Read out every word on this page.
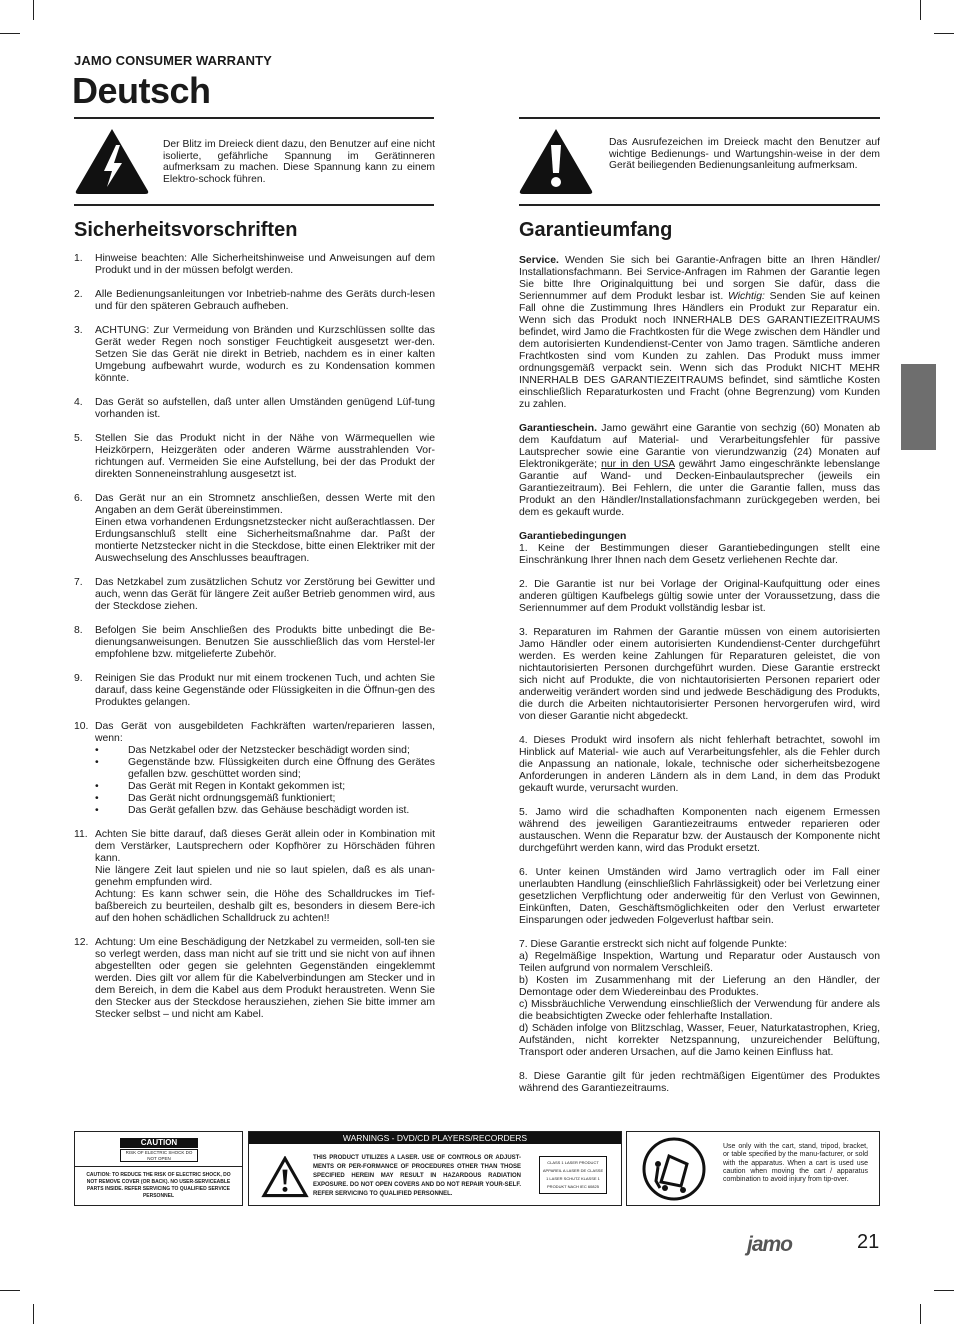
JAMO CONSUMER WARRANTY
Deutsch
Der Blitz im Dreieck dient dazu, den Benutzer auf eine nicht isolierte, gefährliche Spannung im Gerätinneren aufmerksam zu machen. Diese Spannung kann zu einem Elektro-schock führen.
Das Ausrufezeichen im Dreieck macht den Benutzer auf wichtige Bedienungs- und Wartungshin-weise in der dem Gerät beiliegenden Bedienungsanleitung aufmerksam.
Sicherheitsvorschriften	Garantieumfang
1. Hinweise beachten: Alle Sicherheitshinweise und Anweisungen auf dem Produkt und in der müssen befolgt werden.
2. Alle Bedienungsanleitungen vor Inbetrieb-nahme des Geräts durch-lesen und für den späteren Gebrauch aufheben.
3. ACHTUNG: Zur Vermeidung von Bränden und Kurzschlüssen sollte das Gerät weder Regen noch sonstiger Feuchtigkeit ausgesetzt wer-den. Setzen Sie das Gerät nie direkt in Betrieb, nachdem es in einer kalten Umgebung aufbewahrt wurde, wodurch es zu Kondensation kommen könnte.
4. Das Gerät so aufstellen, daß unter allen Umständen genügend Lüf-tung vorhanden ist.
5. Stellen Sie das Produkt nicht in der Nähe von Wärmequellen wie Heizkörpern, Heizgeräten oder anderen Wärme ausstrahlenden Vor-richtungen auf. Vermeiden Sie eine Aufstellung, bei der das Produkt der direkten Sonneneinstrahlung ausgesetzt ist.
6. Das Gerät nur an ein Stromnetz anschließen, dessen Werte mit den Angaben an dem Gerät übereinstimmen.
Einen etwa vorhandenen Erdungsnetzstecker nicht außerachtlassen. Der Erdungsanschluß stellt eine Sicherheitsmaßnahme dar. Paßt der montierte Netzstecker nicht in die Steckdose, bitte einen Elektriker mit der Auswechselung des Anschlusses beauftragen.
7. Das Netzkabel zum zusätzlichen Schutz vor Zerstörung bei Gewitter und auch, wenn das Gerät für längere Zeit außer Betrieb genommen wird, aus der Steckdose ziehen.
8. Befolgen Sie beim Anschließen des Produkts bitte unbedingt die Be-dienungsanweisungen. Benutzen Sie ausschließlich das vom Herstel-ler empfohlene bzw. mitgelieferte Zubehör.
9. Reinigen Sie das Produkt nur mit einem trockenen Tuch, und achten Sie darauf, dass keine Gegenstände oder Flüssigkeiten in die Öffnun-gen des Produktes gelangen.
10. Das Gerät von ausgebildeten Fachkräften warten/reparieren lassen, wenn:
• Das Netzkabel oder der Netzstecker beschädigt worden sind;
• Gegenstände bzw. Flüssigkeiten durch eine Öffnung des Gerätes gefallen bzw. geschüttet worden sind;
• Das Gerät mit Regen in Kontakt gekommen ist;
• Das Gerät nicht ordnungsgemäß funktioniert;
• Das Gerät gefallen bzw. das Gehäuse beschädigt worden ist.
11. Achten Sie bitte darauf, daß dieses Gerät allein oder in Kombination mit dem Verstärker, Lautsprechern oder Kopfhörer zu Hörschäden führen kann.
Nie längere Zeit laut spielen und nie so laut spielen, daß es als unan-genehm empfunden wird.
Achtung: Es kann schwer sein, die Höhe des Schalldruckes im Tief-baßbereich zu beurteilen, deshalb gilt es, besonders in diesem Bere-ich auf den hohen schädlichen Schalldruck zu achten!!
12. Achtung: Um eine Beschädigung der Netzkabel zu vermeiden, soll-ten sie so verlegt werden, dass man nicht auf sie tritt und sie nicht von auf ihnen abgestellten oder gegen sie gelehnten Gegenständen eingeklemmt werden. Dies gilt vor allem für die Kabelverbindungen am Stecker und in dem Bereich, in dem die Kabel aus dem Produkt heraustreten. Wenn Sie den Stecker aus der Steckdose herausziehen, ziehen Sie bitte immer am Stecker selbst – und nicht am Kabel.

Service. Wenden Sie sich bei Garantie-Anfragen bitte an Ihren Händler/ Installationsfachmann. Bei Service-Anfragen im Rahmen der Garantie legen Sie bitte Ihre Originalquittung bei und sorgen Sie dafür, dass die Seriennummer auf dem Produkt lesbar ist. Wichtig: Senden Sie auf keinen Fall ohne die Zustimmung Ihres Händlers ein Produkt zur Reparatur ein. Wenn sich das Produkt noch INNERHALB DES GARANTIEZEITRAUMS befindet, wird Jamo die Frachtkosten für die Wege zwischen dem Händler und dem autorisierten Kundendienst-Center von Jamo tragen. Sämtliche anderen Frachtkosten sind vom Kunden zu zahlen. Das Produkt muss immer ordnungsgemäß verpackt sein. Wenn sich das Produkt NICHT MEHR INNERHALB DES GARANTIEZEITRAUMS befindet, sind sämtliche Kosten einschließlich Reparaturkosten und Fracht (ohne Begrenzung) vom Kunden zu zahlen.

Garantieschein. Jamo gewährt eine Garantie von sechzig (60) Monaten ab dem Kaufdatum auf Material- und Verarbeitungsfehler für passive Lautsprecher sowie eine Garantie von vierundzwanzig (24) Monaten auf Elektronikgeräte; nur in den USA gewährt Jamo eingeschränkte lebenslange Garantie auf Wand- und Decken-Einbaulautsprecher (jeweils ein Garantiezeitraum). Bei Fehlern, die unter die Garantie fallen, muss das Produkt an den Händler/Installationsfachmann zurückgegeben werden, bei dem es gekauft wurde.

Garantiebedingungen

1. Keine der Bestimmungen dieser Garantiebedingungen stellt eine Einschränkung Ihrer Ihnen nach dem Gesetz verliehenen Rechte dar.

2. Die Garantie ist nur bei Vorlage der Original-Kaufquittung oder eines anderen gültigen Kaufbelegs gültig sowie unter der Voraussetzung, dass die Seriennummer auf dem Produkt vollständig lesbar ist.

3. Reparaturen im Rahmen der Garantie müssen von einem autorisierten Jamo Händler oder einem autorisierten Kundendienst-Center durchgeführt werden. Es werden keine Zahlungen für Reparaturen geleistet, die von nichtautorisierten Personen durchgeführt wurden. Diese Garantie erstreckt sich nicht auf Produkte, die von nichtautorisierten Personen repariert oder anderweitig verändert worden sind und jedwede Beschädigung des Produkts, die durch die Arbeiten nichtautorisierter Personen hervorgerufen wird, wird von dieser Garantie nicht abgedeckt.

4. Dieses Produkt wird insofern als nicht fehlerhaft betrachtet, sowohl im Hinblick auf Material- wie auch auf Verarbeitungsfehler, als die Fehler durch die Anpassung an nationale, lokale, technische oder sicherheitsbezogene Anforderungen in anderen Ländern als in dem Land, in dem das Produkt gekauft wurde, verursacht wurden.

5. Jamo wird die schadhaften Komponenten nach eigenem Ermessen während des jeweiligen Garantiezeitraums entweder reparieren oder austauschen. Wenn die Reparatur bzw. der Austausch der Komponente nicht durchgeführt werden kann, wird das Produkt ersetzt.

6. Unter keinen Umständen wird Jamo vertraglich oder im Fall einer unerlaubten Handlung (einschließlich Fahrlässigkeit) oder bei Verletzung einer gesetzlichen Verpflichtung oder anderweitig für den Verlust von Gewinnen, Einkünften, Daten, Geschäftsmöglichkeiten oder den Verlust erwarteter Einsparungen oder jedweden Folgeverlust haftbar sein.

7. Diese Garantie erstreckt sich nicht auf folgende Punkte:
a) Regelmäßige Inspektion, Wartung und Reparatur oder Austausch von Teilen aufgrund von normalem Verschleiß.
b) Kosten im Zusammenhang mit der Lieferung an den Händler, der Demontage oder dem Wiedereinbau des Produktes.
c) Missbräuchliche Verwendung einschließlich der Verwendung für andere als die beabsichtigten Zwecke oder fehlerhafte Installation.
d) Schäden infolge von Blitzschlag, Wasser, Feuer, Naturkatastrophen, Krieg, Aufständen, nicht korrekter Netzspannung, unzureichender Belüftung, Transport oder anderen Ursachen, auf die Jamo keinen Einfluss hat.

8. Diese Garantie gilt für jeden rechtmäßigen Eigentümer des Produktes während des Garantiezeitraums.

CAUTION
RISK OF ELECTRIC SHOCK DO NOT OPEN
CAUTION: TO REDUCE THE RISK OF ELECTRIC SHOCK, DO NOT REMOVE COVER (OR BACK). NO USER-SERVICEABLE PARTS INSIDE. REFER SERVICING TO QUALIFIED SERVICE PERSONNEL
WARNINGS - DVD/CD PLAYERS/RECORDERS
THIS PRODUCT UTILIZES A LASER. USE OF CONTROLS OR ADJUST-MENTS OR PER-FORMANCE OF PROCEDURES OTHER THAN THOSE SPECIFIED HEREIN MAY RESULT IN HAZARDOUS RADIATION EXPOSURE. DO NOT OPEN COVERS AND DO NOT REPAIR YOUR-SELF. REFER SERVICING TO QUALIFIED PERSONNEL.
CLASS 1 LASER PRODUCT APPAREIL A LASER DE CLASSE 1 LASER SCHUTZ KLASSE 1 PRODUKT NACH IEC 60825
Use only with the cart, stand, tripod, bracket, or table specified by the manu-facturer, or sold with the apparatus. When a cart is used use caution when moving the cart / apparatus combination to avoid injury from tip-over.
jamo	21
